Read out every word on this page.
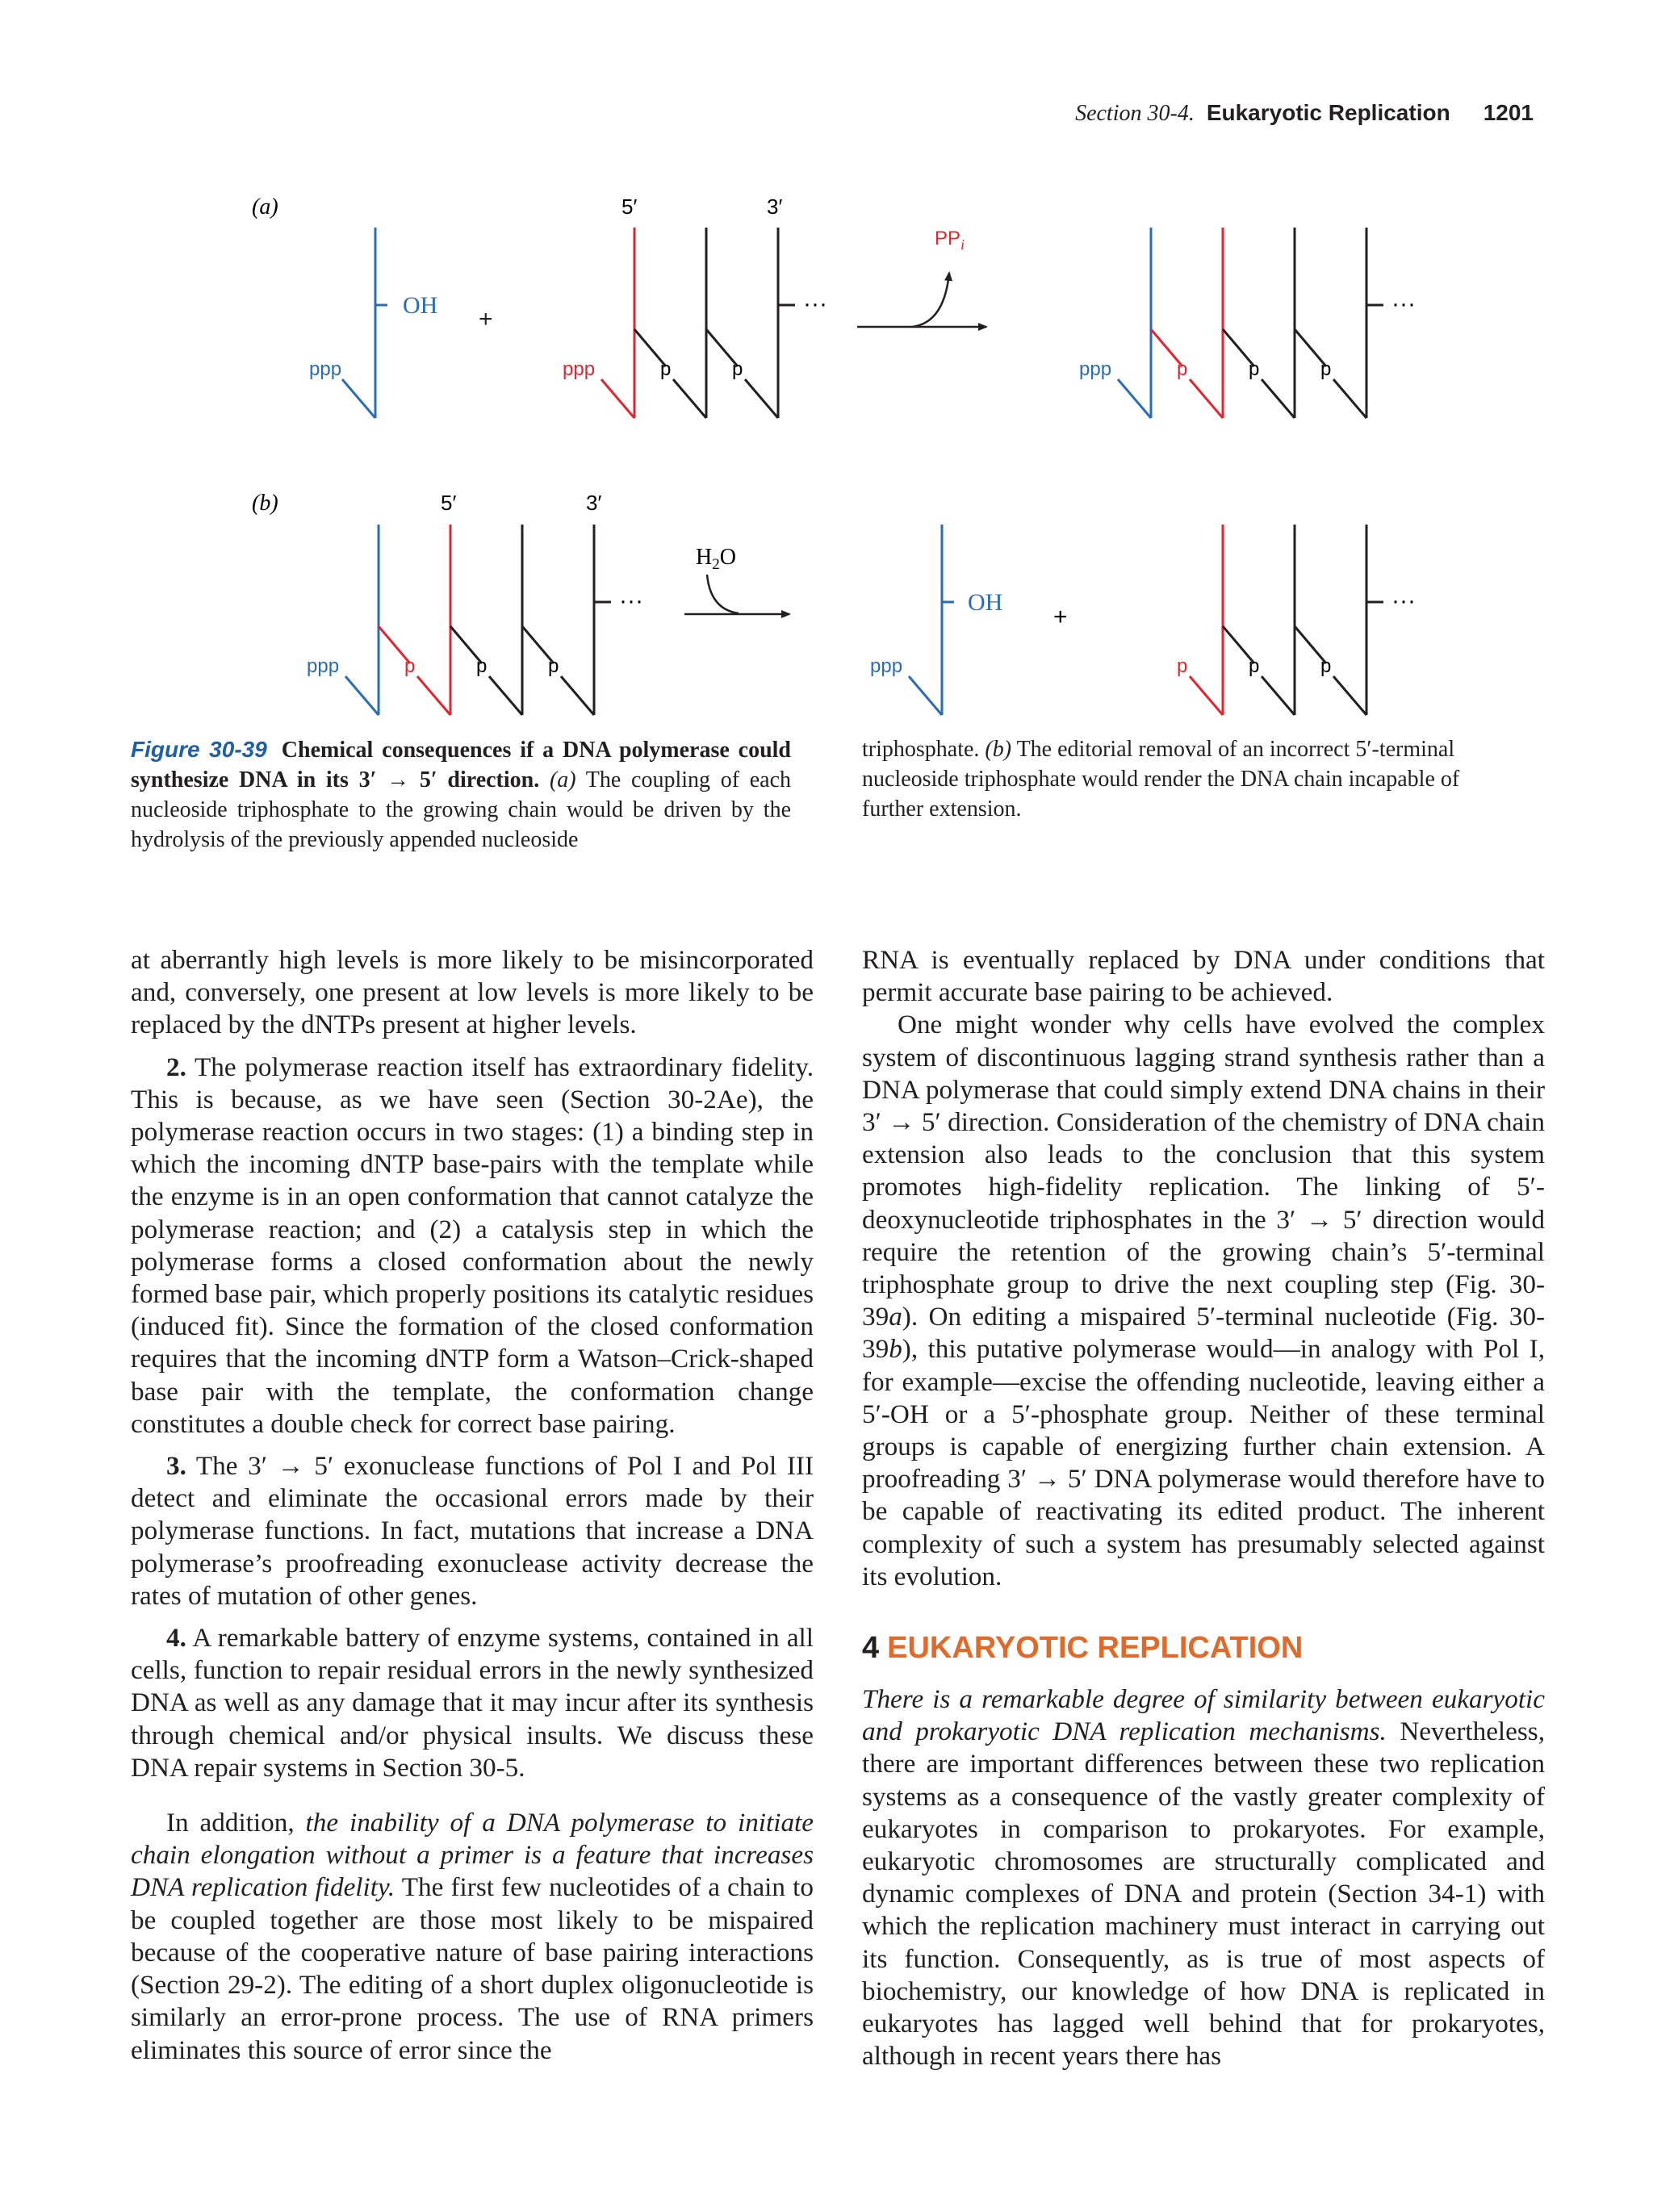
Section 30-4. Eukaryotic Replication 1201
(a)
ppp
OH
+
5′	3′
ppp	p	p
···
$PP_i$
ppp	p	p	p
···
(b)	5′	3′
ppp	p	p	p
···
$H_2O$
ppp
OH
+
p	p	p
···
Figure 30-39 Chemical consequences if a DNA polymerase could synthesize DNA in its 3′ → 5′ direction. (a) The coupling of each nucleoside triphosphate to the growing chain would be driven by the hydrolysis of the previously appended nucleoside
triphosphate. (b) The editorial removal of an incorrect 5′-terminal nucleoside triphosphate would render the DNA chain incapable of further extension.

at aberrantly high levels is more likely to be misincorporated and, conversely, one present at low levels is more likely to be replaced by the dNTPs present at higher levels.

2. The polymerase reaction itself has extraordinary fidelity. This is because, as we have seen (Section 30-2Ae), the polymerase reaction occurs in two stages: (1) a binding step in which the incoming dNTP base-pairs with the template while the enzyme is in an open conformation that cannot catalyze the polymerase reaction; and (2) a catalysis step in which the polymerase forms a closed conformation about the newly formed base pair, which properly positions its catalytic residues (induced fit). Since the formation of the closed conformation requires that the incoming dNTP form a Watson–Crick-shaped base pair with the template, the conformation change constitutes a double check for correct base pairing.

3. The 3′ → 5′ exonuclease functions of Pol I and Pol III detect and eliminate the occasional errors made by their polymerase functions. In fact, mutations that increase a DNA polymerase’s proofreading exonuclease activity decrease the rates of mutation of other genes.

4. A remarkable battery of enzyme systems, contained in all cells, function to repair residual errors in the newly synthesized DNA as well as any damage that it may incur after its synthesis through chemical and/or physical insults. We discuss these DNA repair systems in Section 30-5.

In addition, the inability of a DNA polymerase to initiate chain elongation without a primer is a feature that increases DNA replication fidelity. The first few nucleotides of a chain to be coupled together are those most likely to be mispaired because of the cooperative nature of base pairing interactions (Section 29-2). The editing of a short duplex oligonucleotide is similarly an error-prone process. The use of RNA primers eliminates this source of error since the

RNA is eventually replaced by DNA under conditions that permit accurate base pairing to be achieved.

One might wonder why cells have evolved the complex system of discontinuous lagging strand synthesis rather than a DNA polymerase that could simply extend DNA chains in their 3′ → 5′ direction. Consideration of the chemistry of DNA chain extension also leads to the conclusion that this system promotes high-fidelity replication. The linking of 5′-deoxynucleotide triphosphates in the 3′ → 5′ direction would require the retention of the growing chain’s 5′-terminal triphosphate group to drive the next coupling step (Fig. 30-39a). On editing a mispaired 5′-terminal nucleotide (Fig. 30-39b), this putative polymerase would—in analogy with Pol I, for example—excise the offending nucleotide, leaving either a 5′-OH or a 5′-phosphate group. Neither of these terminal groups is capable of energizing further chain extension. A proofreading 3′ → 5′ DNA polymerase would therefore have to be capable of reactivating its edited product. The inherent complexity of such a system has presumably selected against its evolution.

4 EUKARYOTIC REPLICATION

There is a remarkable degree of similarity between eukaryotic and prokaryotic DNA replication mechanisms. Nevertheless, there are important differences between these two replication systems as a consequence of the vastly greater complexity of eukaryotes in comparison to prokaryotes. For example, eukaryotic chromosomes are structurally complicated and dynamic complexes of DNA and protein (Section 34-1) with which the replication machinery must interact in carrying out its function. Consequently, as is true of most aspects of biochemistry, our knowledge of how DNA is replicated in eukaryotes has lagged well behind that for prokaryotes, although in recent years there has
